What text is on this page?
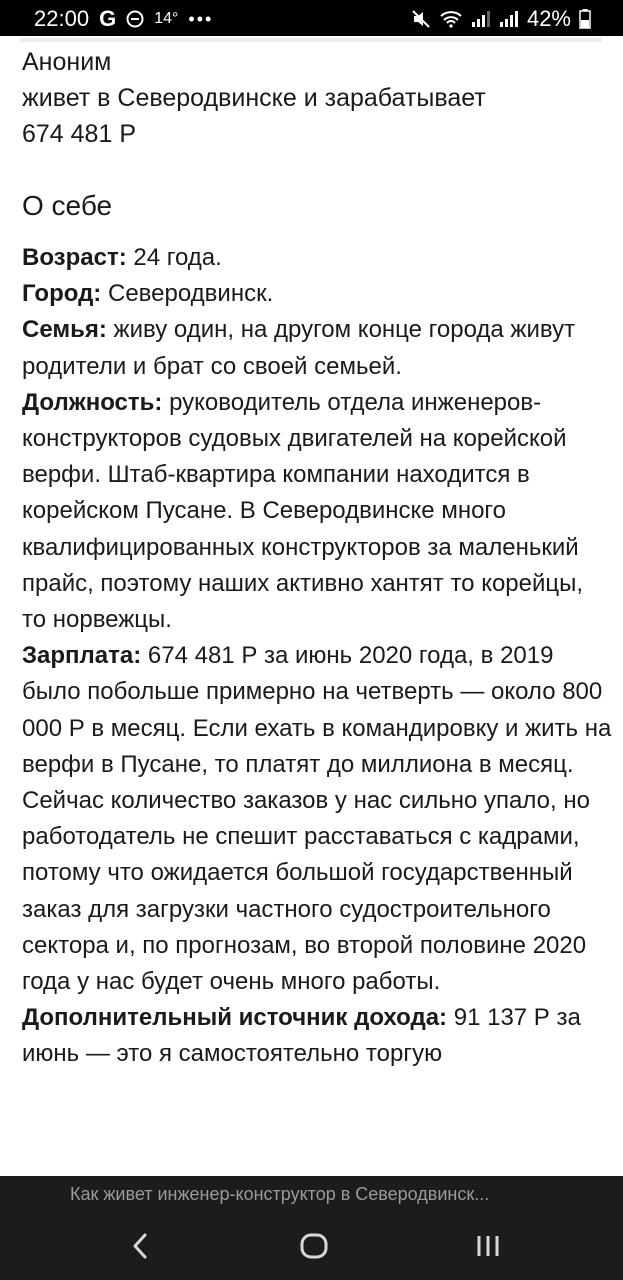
22:00 G 14° •••	42%
Аноним
живет в Северодвинске и зарабатывает
674 481 Р
О себе
Возраст: 24 года.
Город: Северодвинск.
Семья: живу один, на другом конце города живут родители и брат со своей семьей.
Должность: руководитель отдела инженеров-конструкторов судовых двигателей на корейской верфи. Штаб-квартира компании находится в корейском Пусане. В Северодвинске много квалифицированных конструкторов за маленький прайс, поэтому наших активно хантят то корейцы, то норвежцы.
Зарплата: 674 481 Р за июнь 2020 года, в 2019 было побольше примерно на четверть — около 800 000 Р в месяц. Если ехать в командировку и жить на верфи в Пусане, то платят до миллиона в месяц. Сейчас количество заказов у нас сильно упало, но работодатель не спешит расставаться с кадрами, потому что ожидается большой государственный заказ для загрузки частного судостроительного сектора и, по прогнозам, во второй половине 2020 года у нас будет очень много работы.
Дополнительный источник дохода: 91 137 Р за июнь — это я самостоятельно торгую
Как живет инженер-конструктор в Северодвинск...
